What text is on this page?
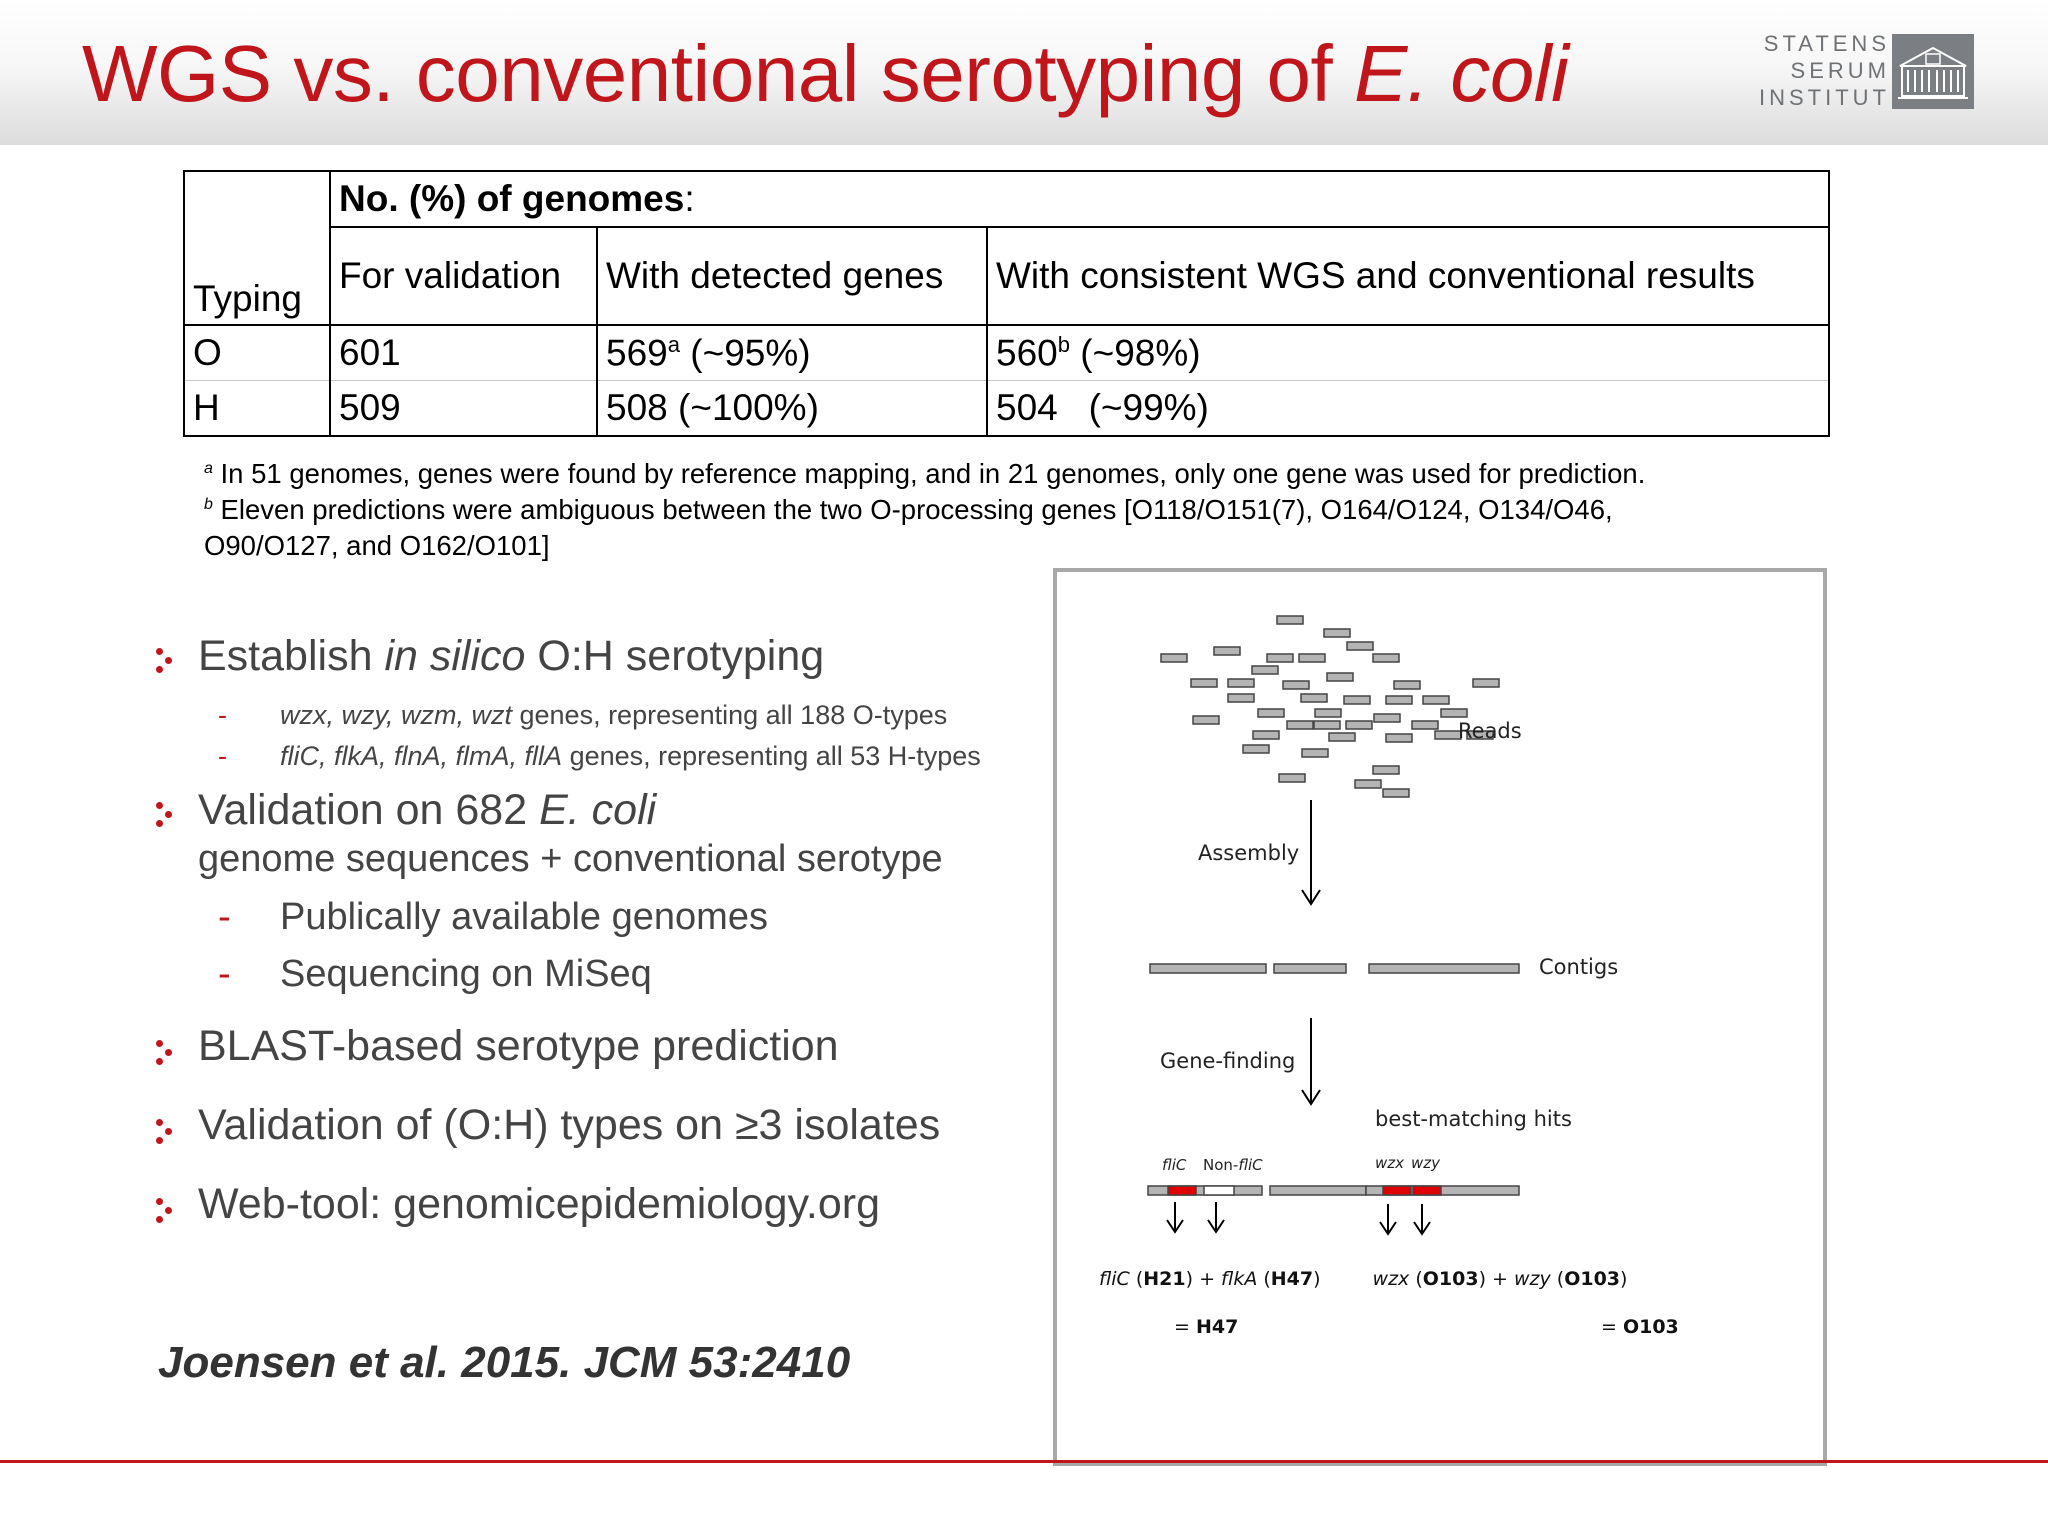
WGS vs. conventional serotyping of E. coli	STATENS
SERUM
INSTITUT
Typing	No. (%) of genomes:		
	For validation	With detected genes	With consistent WGS and conventional results
O	601	569$^a$ (~95%)	560$^b$ (~98%)
H	509	508 (~100%)	504   (~99%)
$^a$ In 51 genomes, genes were found by reference mapping, and in 21 genomes, only one gene was used for prediction.
$^b$ Eleven predictions were ambiguous between the two O-processing genes [O118/O151(7), O164/O124, O134/O46,
O90/O127, and O162/O101]
Establish in silico O:H serotyping
- wzx, wzy, wzm, wzt genes, representing all 188 O-types
- fliC, flkA, flnA, flmA, fllA genes, representing all 53 H-types
Validation on 682 E. coli
genome sequences + conventional serotype
- Publically available genomes
- Sequencing on MiSeq
BLAST-based serotype prediction
Validation of (O:H) types on ≥3 isolates
Web-tool: genomicepidemiology.org
Joensen et al. 2015. JCM 53:2410
Reads
Assembly
Contigs
Gene-finding
best-matching hits
fliC Non-fliC	wzx wzy
fliC (H21) + flkA (H47)
= H47
wzx (O103) + wzy (O103)
= O103
